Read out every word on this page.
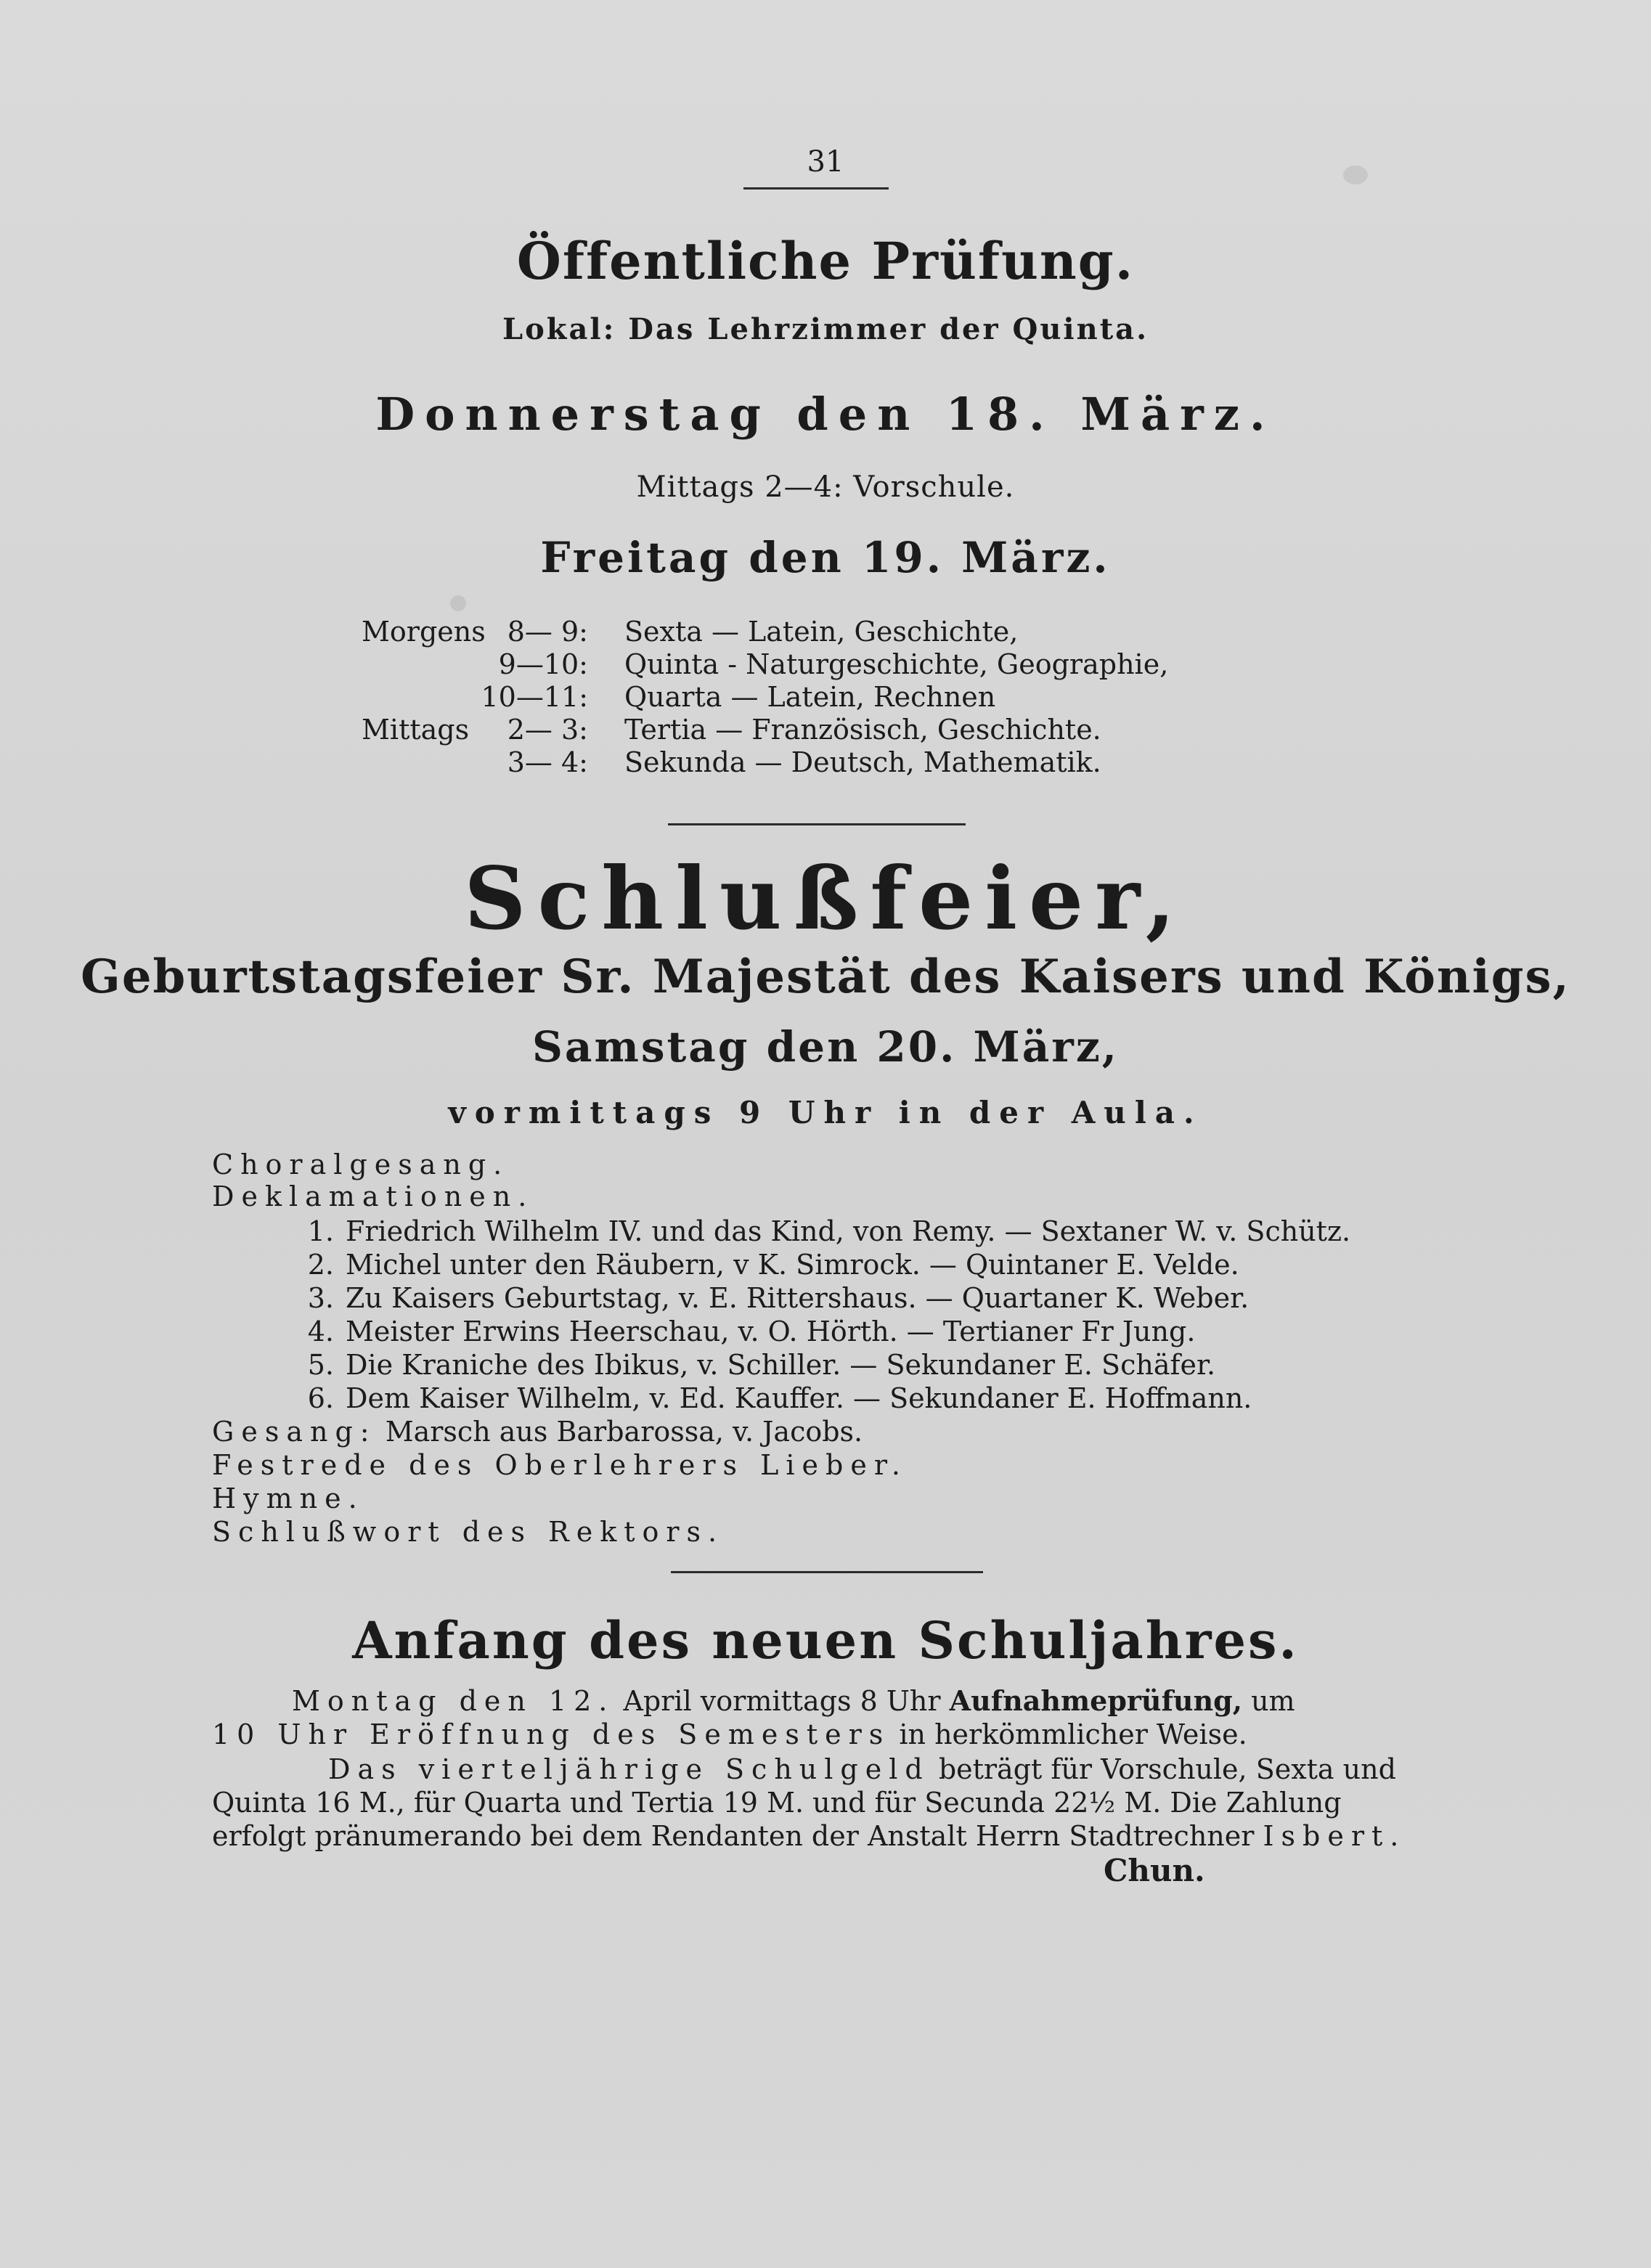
31
Öffentliche Prüfung.
Lokal: Das Lehrzimmer der Quinta.
Donnerstag den 18. März.
Mittags 2—4: Vorschule.
Freitag den 19. März.
Morgens 8— 9: Sexta — Latein, Geschichte,
9—10: Quinta - Naturgeschichte, Geographie,
10—11: Quarta — Latein, Rechnen
Mittags	2— 3: Tertia — Französisch, Geschichte.
3— 4: Sekunda — Deutsch, Mathematik.
Schlußfeier,
Geburtstagsfeier Sr. Majestät des Kaisers und Königs,
Samstag den 20. März,
vormittags 9 Uhr in der Aula.
Choralgesang.
Deklamationen.
1. Friedrich Wilhelm IV. und das Kind, von Remy. — Sextaner W. v. Schütz.
2. Michel unter den Räubern, v K. Simrock. — Quintaner E. Velde.
3. Zu Kaisers Geburtstag, v. E. Rittershaus. — Quartaner K. Weber.
4. Meister Erwins Heerschau, v. O. Hörth. — Tertianer Fr Jung.
5. Die Kraniche des Ibikus, v. Schiller. — Sekundaner E. Schäfer.
6. Dem Kaiser Wilhelm, v. Ed. Kauffer. — Sekundaner E. Hoffmann.
Gesang: Marsch aus Barbarossa, v. Jacobs.
Festrede des Oberlehrers Lieber.
Hymne.
Schlußwort des Rektors.
Anfang des neuen Schuljahres.
Montag den 12. April vormittags 8 Uhr Aufnahmeprüfung, um
10 Uhr Eröffnung des Semesters in herkömmlicher Weise.
Das vierteljährige Schulgeld beträgt für Vorschule, Sexta und
Quinta 16 M., für Quarta und Tertia 19 M. und für Secunda 22½ M. Die Zahlung
erfolgt pränumerando bei dem Rendanten der Anstalt Herrn Stadtrechner Isbert.
Chun.
